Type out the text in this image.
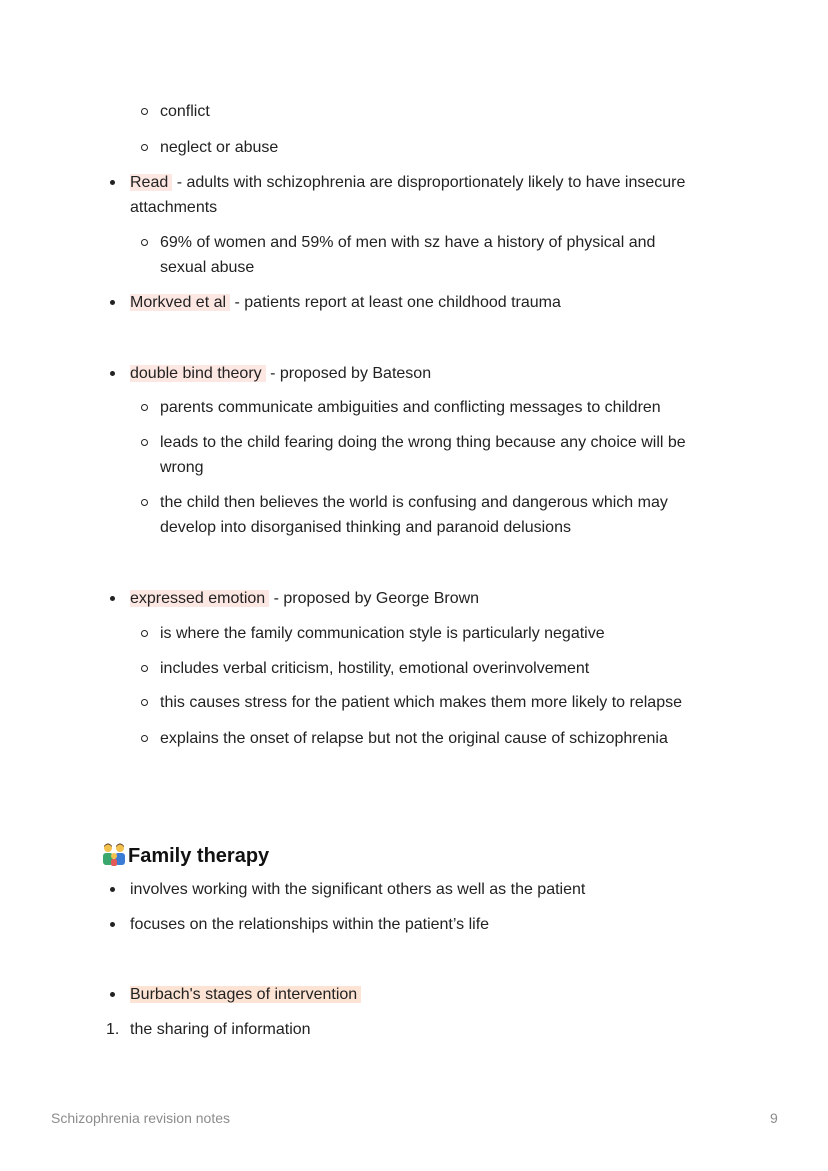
conflict
neglect or abuse
Read - adults with schizophrenia are disproportionately likely to have insecure
attachments
69% of women and 59% of men with sz have a history of physical and
sexual abuse
Morkved et al - patients report at least one childhood trauma
double bind theory - proposed by Bateson
parents communicate ambiguities and conflicting messages to children
leads to the child fearing doing the wrong thing because any choice will be
wrong
the child then believes the world is confusing and dangerous which may
develop into disorganised thinking and paranoid delusions
expressed emotion - proposed by George Brown
is where the family communication style is particularly negative
includes verbal criticism, hostility, emotional overinvolvement
this causes stress for the patient which makes them more likely to relapse
explains the onset of relapse but not the original cause of schizophrenia
Family therapy
involves working with the significant others as well as the patient
focuses on the relationships within the patient’s life
Burbach's stages of intervention
1. the sharing of information
Schizophrenia revision notes	9
